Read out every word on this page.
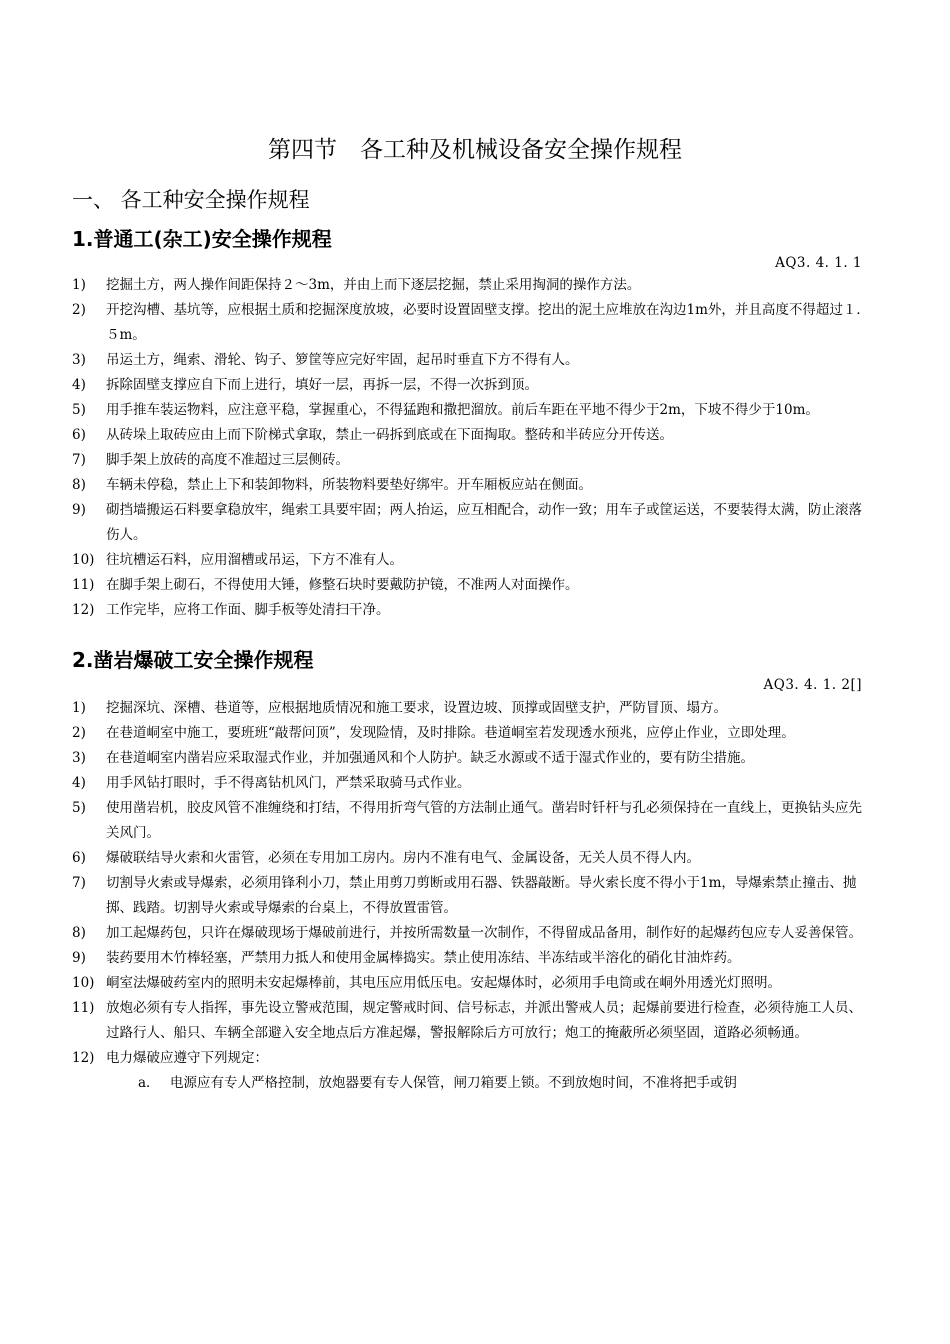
第四节　各工种及机械设备安全操作规程
一、 各工种安全操作规程
1.普通工(杂工)安全操作规程
AQ3. 4. 1. 1
1)	挖掘土方，两人操作间距保持２～3m，并由上而下逐层挖掘，禁止采用掏洞的操作方法。
2)	开挖沟槽、基坑等，应根据土质和挖掘深度放坡，必要时设置固壁支撑。挖出的泥土应堆放在沟边1m外，并且高度不得超过１．５m。
3)	吊运土方，绳索、滑轮、钩子、箩筐等应完好牢固，起吊时垂直下方不得有人。
4)	拆除固壁支撑应自下而上进行，填好一层，再拆一层，不得一次拆到顶。
5)	用手推车装运物料，应注意平稳，掌握重心，不得猛跑和撒把溜放。前后车距在平地不得少于2m，下坡不得少于10m。
6)	从砖垛上取砖应由上而下阶梯式拿取，禁止一码拆到底或在下面掏取。整砖和半砖应分开传送。
7)	脚手架上放砖的高度不准超过三层侧砖。
8)	车辆未停稳，禁止上下和装卸物料，所装物料要垫好绑牢。开车厢板应站在侧面。
9)	砌挡墙搬运石料要拿稳放牢，绳索工具要牢固；两人抬运，应互相配合，动作一致；用车子或筐运送，不要装得太满，防止滚落伤人。
10) 往坑槽运石料，应用溜槽或吊运，下方不准有人。
11) 在脚手架上砌石，不得使用大锤，修整石块时要戴防护镜，不准两人对面操作。
12) 工作完毕，应将工作面、脚手板等处清扫干净。
2.凿岩爆破工安全操作规程
AQ3. 4. 1. 2[]
1)	挖掘深坑、深槽、巷道等，应根据地质情况和施工要求，设置边坡、顶撑或固壁支护，严防冒顶、塌方。
2)	在巷道峒室中施工，要班班“敲帮问顶”，发现险情，及时排除。巷道峒室若发现透水预兆，应停止作业，立即处理。
3)	在巷道峒室内凿岩应采取湿式作业，并加强通风和个人防护。缺乏水源或不适于湿式作业的，要有防尘措施。
4)	用手风钻打眼时，手不得离钻机风门，严禁采取骑马式作业。
5)	使用凿岩机，胶皮风管不准缠绕和打结，不得用折弯气管的方法制止通气。凿岩时钎杆与孔必须保持在一直线上，更换钻头应先关风门。
6)	爆破联结导火索和火雷管，必须在专用加工房内。房内不准有电气、金属设备，无关人员不得人内。
7)	切割导火索或导爆索，必须用锋利小刀，禁止用剪刀剪断或用石器、铁器敲断。导火索长度不得小于1m，导爆索禁止撞击、抛掷、践踏。切割导火索或导爆索的台桌上，不得放置雷管。
8)	加工起爆药包，只许在爆破现场于爆破前进行，并按所需数量一次制作，不得留成品备用，制作好的起爆药包应专人妥善保管。
9)	装药要用木竹棒轻塞，严禁用力抵人和使用金属棒捣实。禁止使用冻结、半冻结或半溶化的硝化甘油炸药。
10) 峒室法爆破药室内的照明未安起爆棒前，其电压应用低压电。安起爆体时，必须用手电筒或在峒外用透光灯照明。
11) 放炮必须有专人指挥，事先设立警戒范围，规定警戒时间、信号标志，并派出警戒人员；起爆前要进行检查，必须待施工人员、过路行人、船只、车辆全部避入安全地点后方准起爆，警报解除后方可放行；炮工的掩蔽所必须坚固，道路必须畅通。
12) 电力爆破应遵守下列规定：
a． 电源应有专人严格控制，放炮器要有专人保管，闸刀箱要上锁。不到放炮时间，不准将把手或钥
